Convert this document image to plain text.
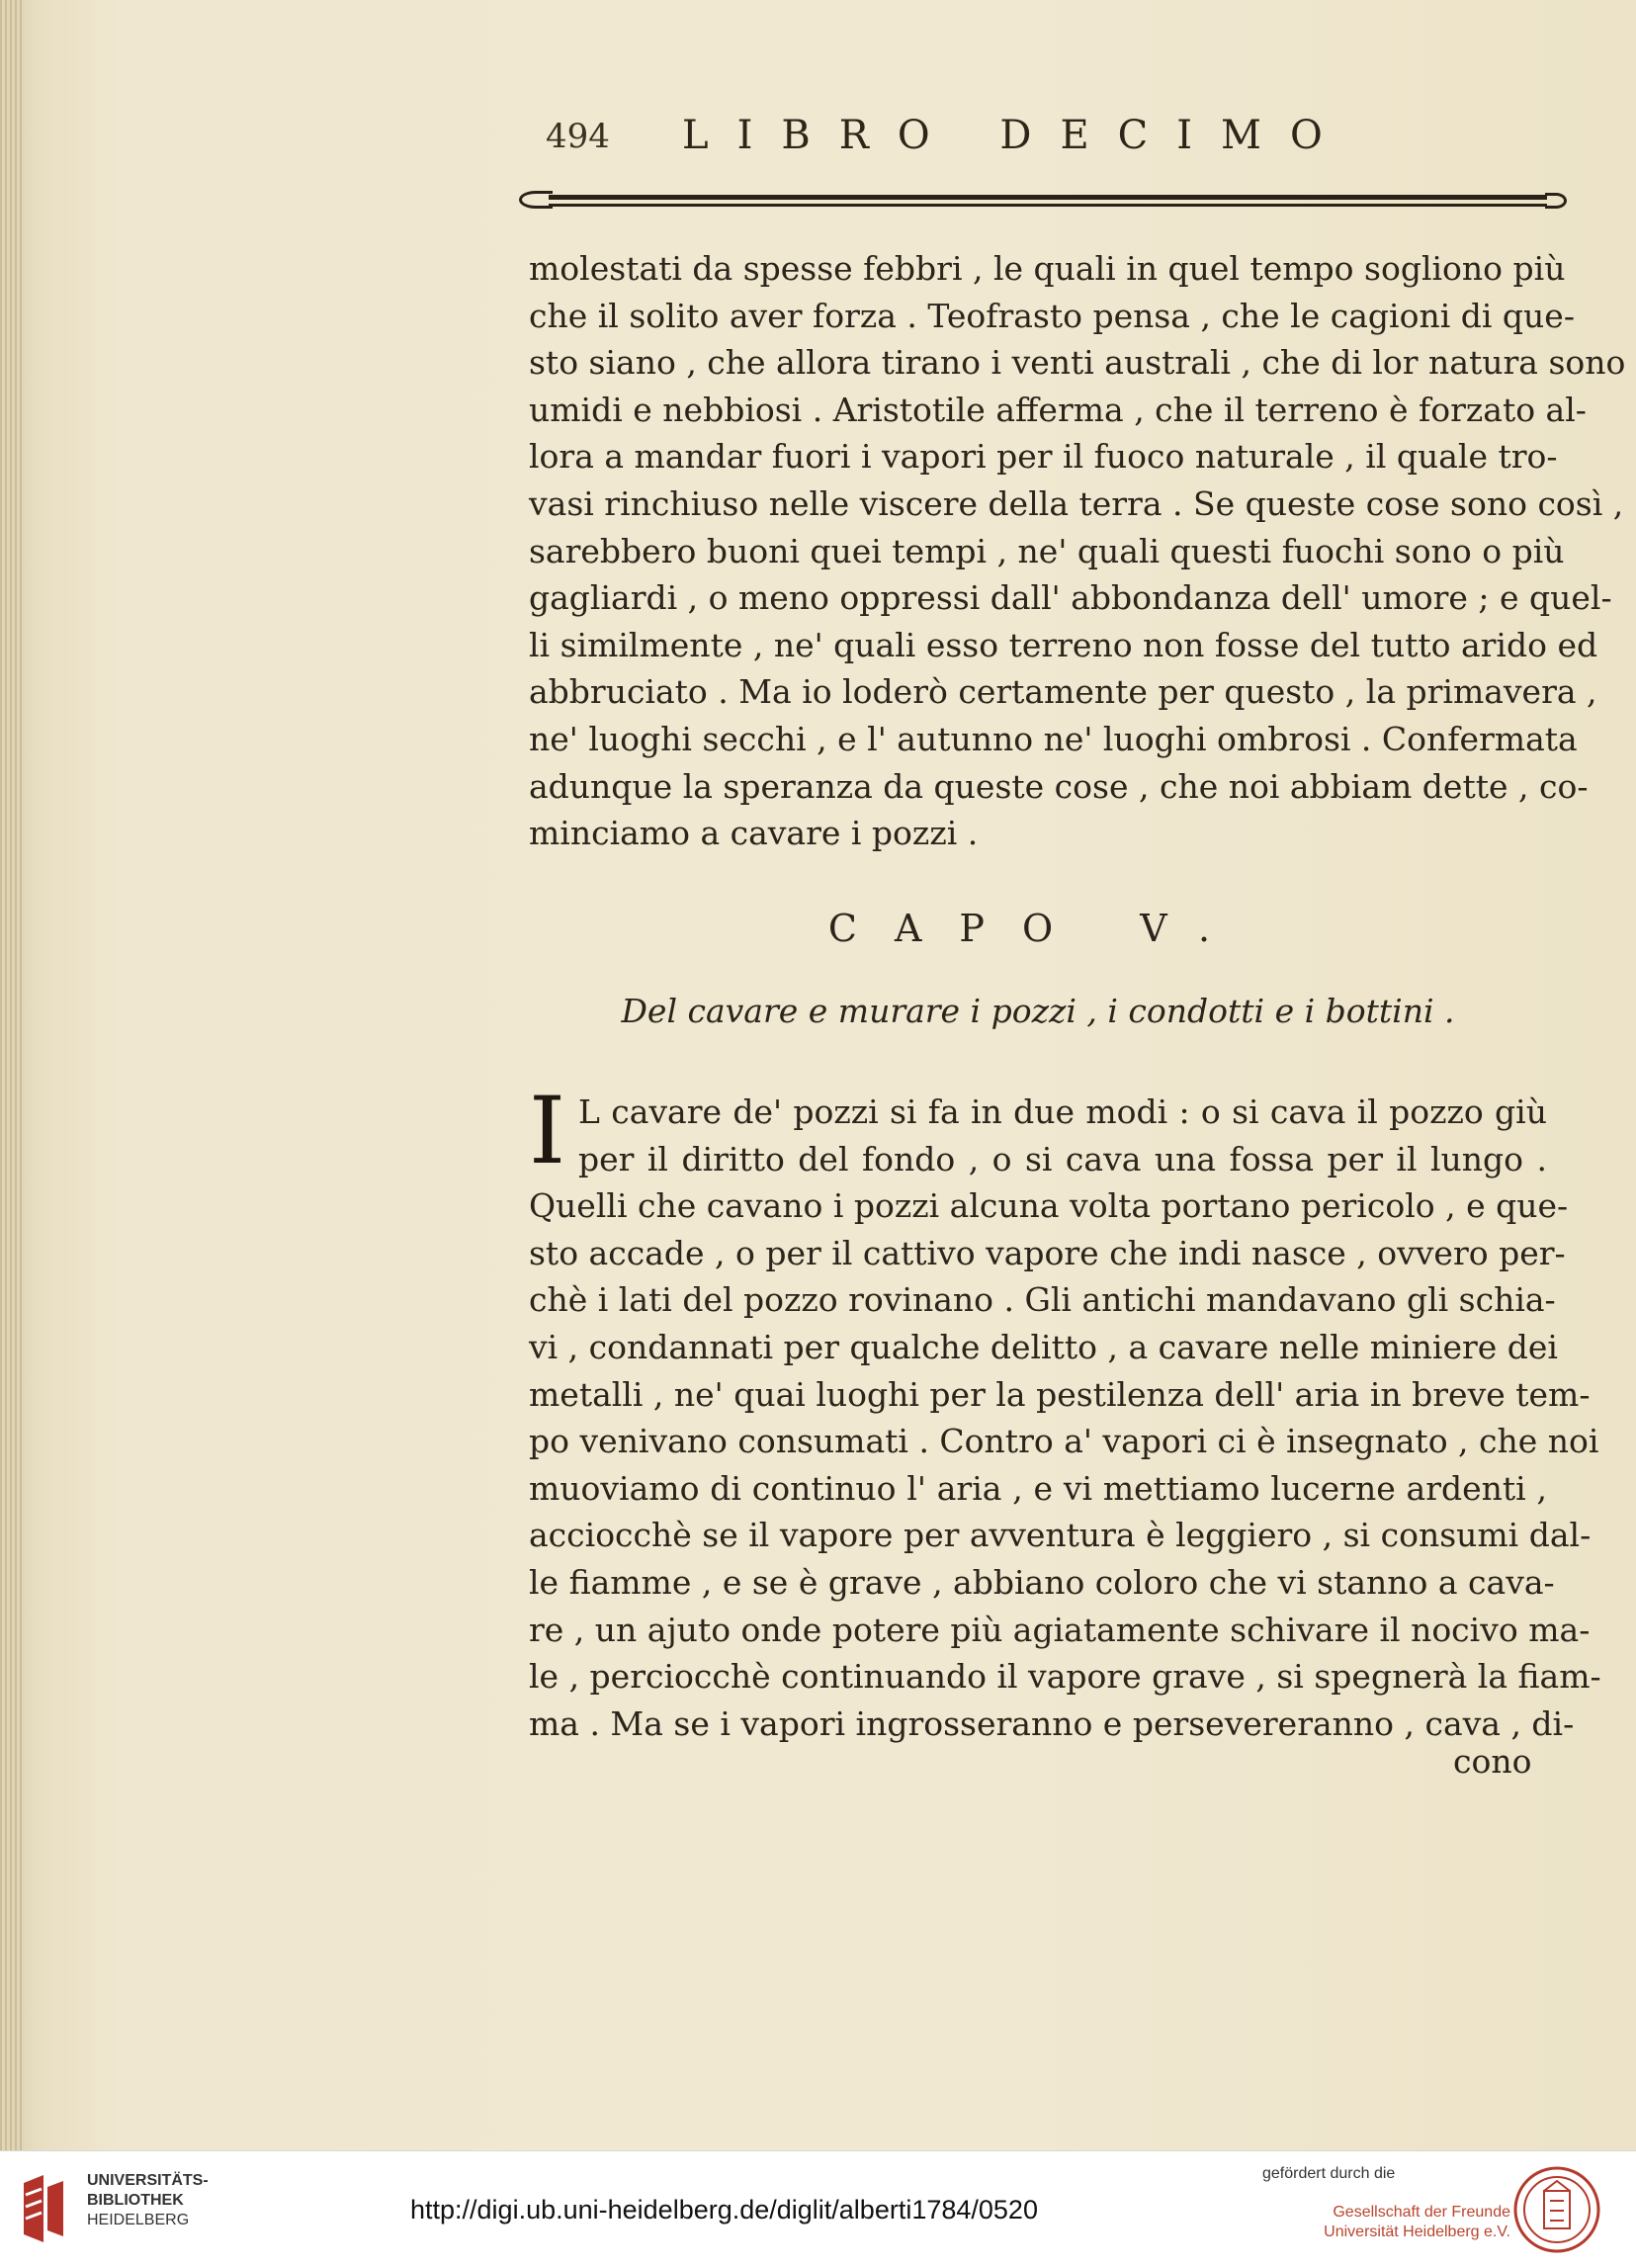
494 LIBRO DECIMO
molestati da spesse febbri , le quali in quel tempo sogliono più
che il solito aver forza . Teofrasto pensa , che le cagioni di que-
sto siano , che allora tirano i venti australi , che di lor natura sono
umidi e nebbiosi . Aristotile afferma , che il terreno è forzato al-
lora a mandar fuori i vapori per il fuoco naturale , il quale tro-
vasi rinchiuso nelle viscere della terra . Se queste cose sono così ,
sarebbero buoni quei tempi , ne' quali questi fuochi sono o più
gagliardi , o meno oppressi dall' abbondanza dell' umore ; e quel-
li similmente , ne' quali esso terreno non fosse del tutto arido ed
abbruciato . Ma io loderò certamente per questo , la primavera ,
ne' luoghi secchi , e l' autunno ne' luoghi ombrosi . Confermata
adunque la speranza da queste cose , che noi abbiam dette , co-
minciamo a cavare i pozzi .
CAPO V.
Del cavare e murare i pozzi , i condotti e i bottini .
I L cavare de' pozzi si fa in due modi : o si cava il pozzo giù
per il diritto del fondo , o si cava una fossa per il lungo .
Quelli che cavano i pozzi alcuna volta portano pericolo , e que-
sto accade , o per il cattivo vapore che indi nasce , ovvero per-
chè i lati del pozzo rovinano . Gli antichi mandavano gli schia-
vi , condannati per qualche delitto , a cavare nelle miniere dei
metalli , ne' quai luoghi per la pestilenza dell' aria in breve tem-
po venivano consumati . Contro a' vapori ci è insegnato , che noi
muoviamo di continuo l' aria , e vi mettiamo lucerne ardenti ,
acciocchè se il vapore per avventura è leggiero , si consumi dal-
le fiamme , e se è grave , abbiano coloro che vi stanno a cava-
re , un ajuto onde potere più agiatamente schivare il nocivo ma-
le , perciocchè continuando il vapore grave , si spegnerà la fiam-
ma . Ma se i vapori ingrosseranno e persevereranno , cava , di-
cono
UNIVERSITÄTS-
BIBLIOTHEK
HEIDELBERG	http://digi.ub.uni-heidelberg.de/diglit/alberti1784/0520
gefördert durch die
Gesellschaft der Freunde
Universität Heidelberg e.V.
